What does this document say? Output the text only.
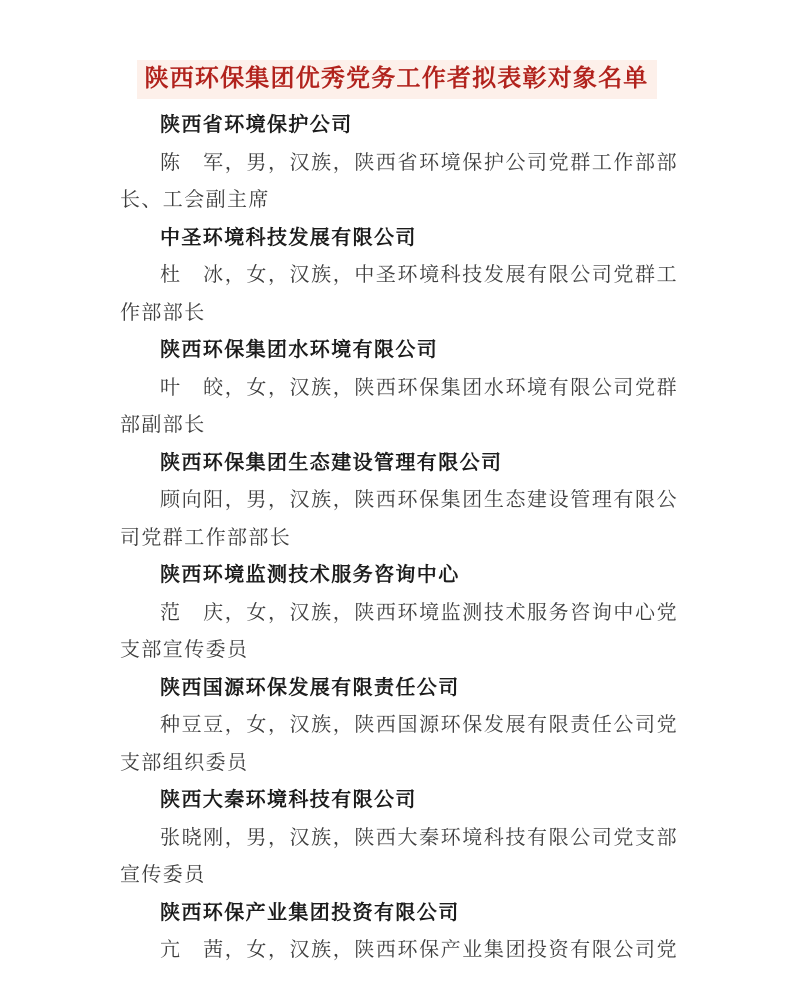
陕西环保集团优秀党务工作者拟表彰对象名单
陕西省环境保护公司

陈　军，男，汉族，陕西省环境保护公司党群工作部部长、工会副主席

中圣环境科技发展有限公司

杜　冰，女，汉族，中圣环境科技发展有限公司党群工作部部长

陕西环保集团水环境有限公司

叶　皎，女，汉族，陕西环保集团水环境有限公司党群部副部长

陕西环保集团生态建设管理有限公司

顾向阳，男，汉族，陕西环保集团生态建设管理有限公司党群工作部部长

陕西环境监测技术服务咨询中心

范　庆，女，汉族，陕西环境监测技术服务咨询中心党支部宣传委员

陕西国源环保发展有限责任公司

种豆豆，女，汉族，陕西国源环保发展有限责任公司党支部组织委员

陕西大秦环境科技有限公司

张晓刚，男，汉族，陕西大秦环境科技有限公司党支部宣传委员

陕西环保产业集团投资有限公司

亢　茜，女，汉族，陕西环保产业集团投资有限公司党
